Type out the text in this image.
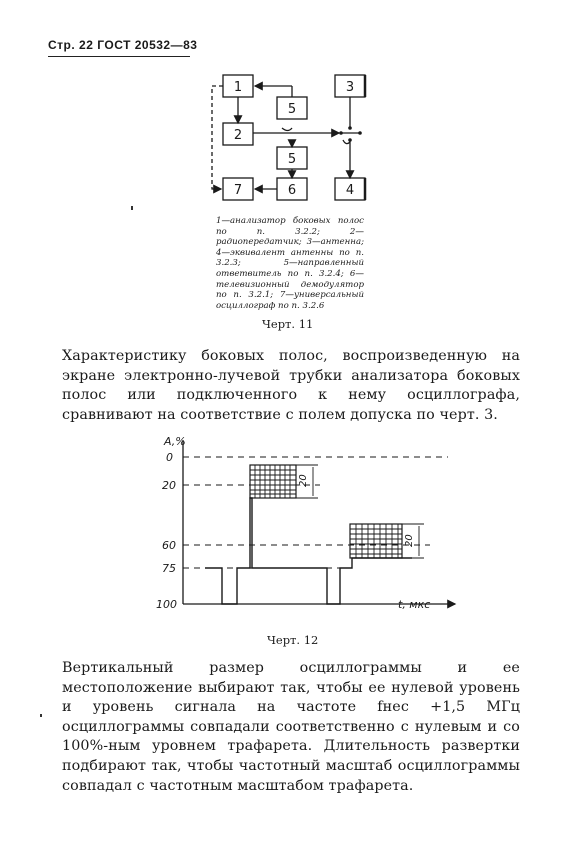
Стр. 22 ГОСТ 20532—83
1
2
3
4
5
5
6
7
A,%
0
20
60
75
100	t, мкс
20
20
1—анализатор боковых полос по п. 3.2.2; 2—радиопередатчик; 3—антенна; 4—эквивалент антенны по п. 3.2.3; 5—направленный ответвитель по п. 3.2.4; 6—телевизионный демодулятор по п. 3.2.1; 7—универсальный осциллограф по п. 3.2.6
Черт. 11
Характеристику боковых полос, воспроизведенную на экране электронно-лучевой трубки анализатора боковых полос или подключенного к нему осциллографа, сравнивают на соответствие с полем допуска по черт. 3.
Черт. 12
Вертикальный размер осциллограммы и ее местоположение выбирают так, чтобы ее нулевой уровень и уровень сигнала на частоте fнес +1,5 МГц осциллограммы совпадали соответственно с нулевым и со 100%-ным уровнем трафарета. Длительность развертки подбирают так, чтобы частотный масштаб осциллограммы совпадал с частотным масштабом трафарета.
